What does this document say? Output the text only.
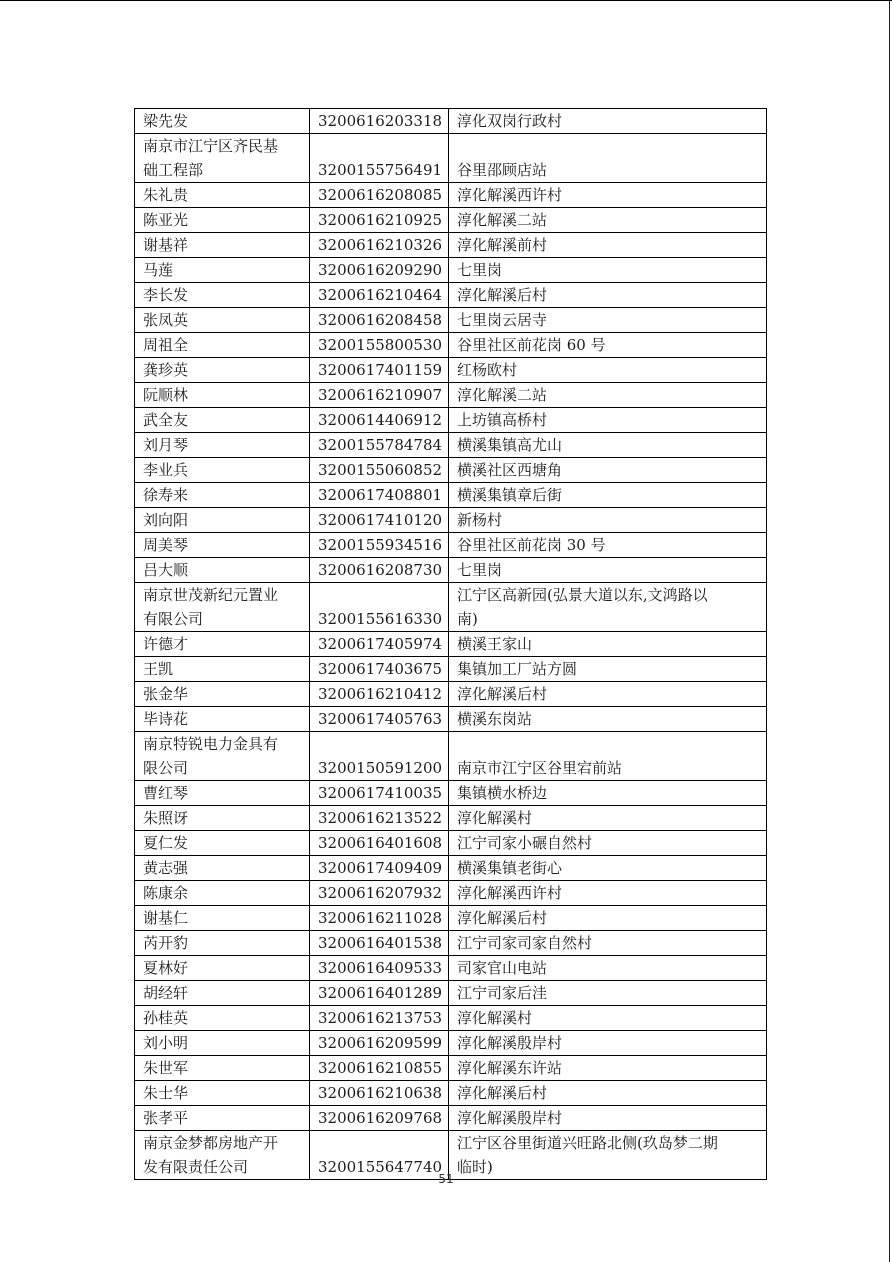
梁先发	3200616203318	淳化双岗行政村
南京市江宁区齐民基
础工程部	3200155756491	谷里邵顾店站
朱礼贵	3200616208085	淳化解溪西许村
陈亚光	3200616210925	淳化解溪二站
谢基祥	3200616210326	淳化解溪前村
马莲	3200616209290	七里岗
李长发	3200616210464	淳化解溪后村
张凤英	3200616208458	七里岗云居寺
周祖全	3200155800530	谷里社区前花岗 60 号
龚珍英	3200617401159	红杨欧村
阮顺林	3200616210907	淳化解溪二站
武全友	3200614406912	上坊镇高桥村
刘月琴	3200155784784	横溪集镇高尤山
李业兵	3200155060852	横溪社区西塘角
徐寿来	3200617408801	横溪集镇章后街
刘向阳	3200617410120	新杨村
周美琴	3200155934516	谷里社区前花岗 30 号
吕大顺	3200616208730	七里岗
南京世茂新纪元置业
有限公司	3200155616330	江宁区高新园(弘景大道以东,文鸿路以
南)
许德才	3200617405974	横溪王家山
王凯	3200617403675	集镇加工厂站方圆
张金华	3200616210412	淳化解溪后村
毕诗花	3200617405763	横溪东岗站
南京特锐电力金具有
限公司	3200150591200	南京市江宁区谷里宕前站
曹红琴	3200617410035	集镇横水桥边
朱照讶	3200616213522	淳化解溪村
夏仁发	3200616401608	江宁司家小碾自然村
黄志强	3200617409409	横溪集镇老街心
陈康余	3200616207932	淳化解溪西许村
谢基仁	3200616211028	淳化解溪后村
芮开豹	3200616401538	江宁司家司家自然村
夏林好	3200616409533	司家官山电站
胡经轩	3200616401289	江宁司家后洼
孙桂英	3200616213753	淳化解溪村
刘小明	3200616209599	淳化解溪殷岸村
朱世军	3200616210855	淳化解溪东许站
朱士华	3200616210638	淳化解溪后村
张孝平	3200616209768	淳化解溪殷岸村
南京金梦都房地产开
发有限责任公司	3200155647740	江宁区谷里街道兴旺路北侧(玖岛梦二期
临时)
51
